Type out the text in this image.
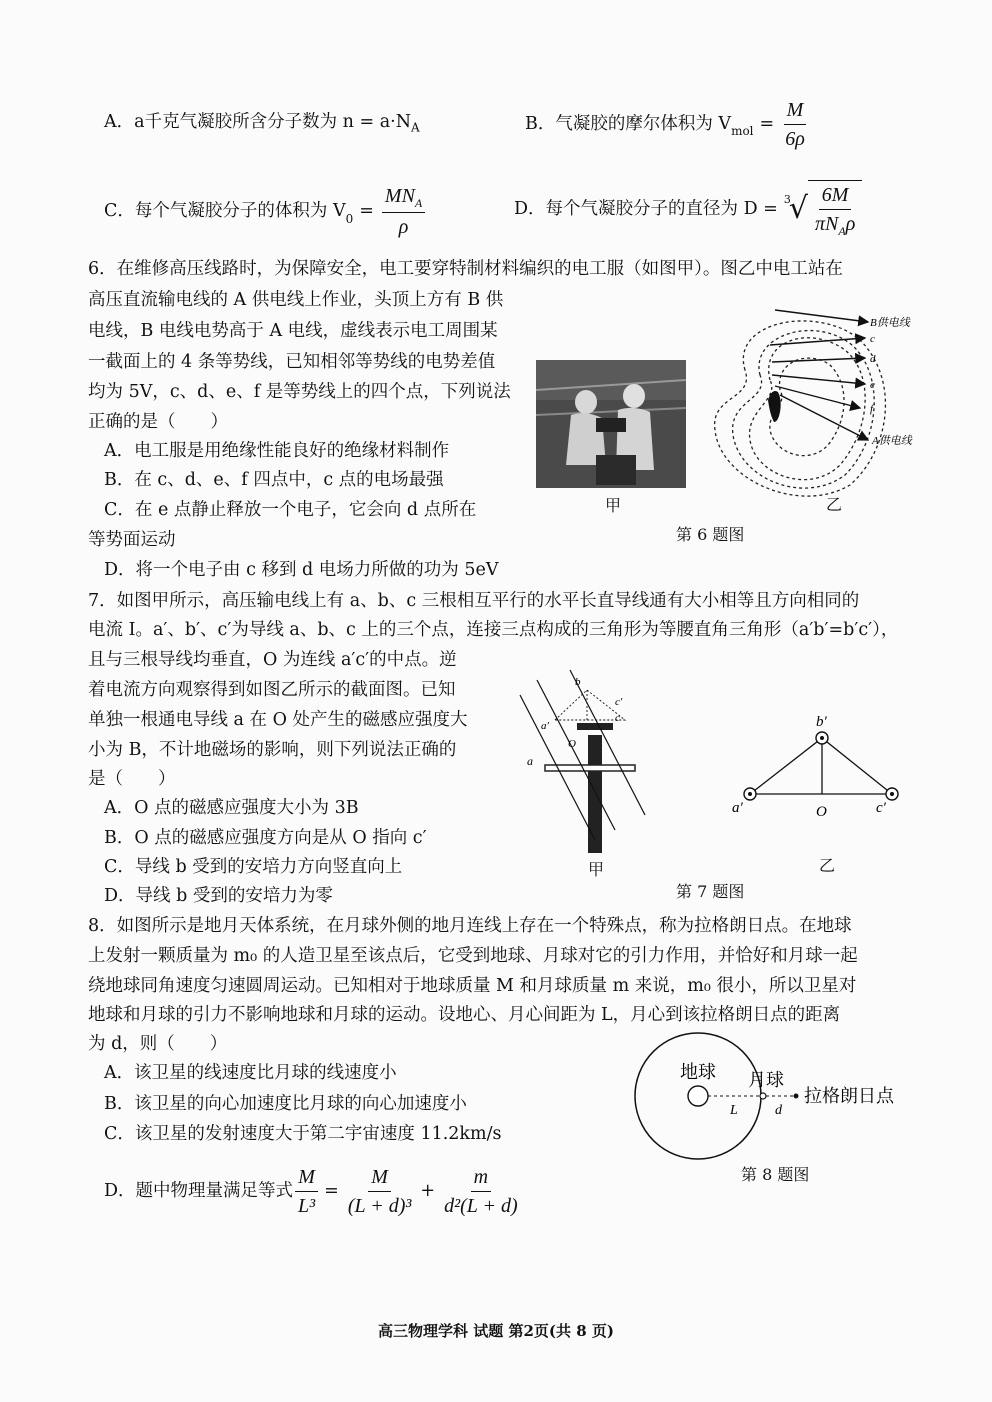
A．a千克气凝胶所含分子数为 $n = a\cdot N_A$	B．气凝胶的摩尔体积为 $V_{mol} = \frac{M}{6\rho}$
C．每个气凝胶分子的体积为 $V_0 = \frac{MN_A}{\rho}$	D．每个气凝胶分子的直径为 D = $^3$
√ $\frac{6M}{\pi N_A\rho}$
6．在维修高压线路时，为保障安全，电工要穿特制材料编织的电工服（如图甲）。图乙中电工站在
高压直流输电线的 A 供电线上作业，头顶上方有 B 供
电线，B 电线电势高于 A 电线，虚线表示电工周围某
一截面上的 4 条等势线，已知相邻等势线的电势差值
均为 5V，c、d、e、f 是等势线上的四个点，下列说法
正确的是（　　）
A．电工服是用绝缘性能良好的绝缘材料制作
B．在 c、d、e、f 四点中，c 点的电场最强
C．在 e 点静止释放一个电子，它会向 d 点所在
等势面运动
D．将一个电子由 c 移到 d 电场力所做的功为 5eV
甲
B供电线
c
d
e
f
A供电线
乙
第 6 题图
7．如图甲所示，高压输电线上有 a、b、c 三根相互平行的水平长直导线通有大小相等且方向相同的
电流 I。a′、b′、c′为导线 a、b、c 上的三个点，连接三点构成的三角形为等腰直角三角形（a′b′=b′c′），
且与三根导线均垂直，O 为连线 a′c′的中点。逆
着电流方向观察得到如图乙所示的截面图。已知
单独一根通电导线 a 在 O 处产生的磁感应强度大
小为 B，不计地磁场的影响，则下列说法正确的
是（　　）
A．O 点的磁感应强度大小为 3B
B．O 点的磁感应强度方向是从 O 指向 c′
C．导线 b 受到的安培力方向竖直向上
D．导线 b 受到的安培力为零
a
b
c
a′
c′
O
甲
b′
a′	c′
O
乙
第 7 题图
8．如图所示是地月天体系统，在月球外侧的地月连线上存在一个特殊点，称为拉格朗日点。在地球
上发射一颗质量为 m₀ 的人造卫星至该点后，它受到地球、月球对它的引力作用，并恰好和月球一起
绕地球同角速度匀速圆周运动。已知相对于地球质量 M 和月球质量 m 来说，m₀ 很小，所以卫星对
地球和月球的引力不影响地球和月球的运动。设地心、月心间距为 L，月心到该拉格朗日点的距离
为 d，则（　　）
A．该卫星的线速度比月球的线速度小
B．该卫星的向心加速度比月球的向心加速度小
C．该卫星的发射速度大于第二宇宙速度 11.2km/s
D．题中物理量满足等式 $\frac{M}{\text{L³}} = \frac{M}{\text{(L + d)³}} + \frac{m}{\text{d²(L + d)}}$
地球 月球
拉格朗日点
L	d
第 8 题图
高三物理学科 试题 第2页(共 8 页)
